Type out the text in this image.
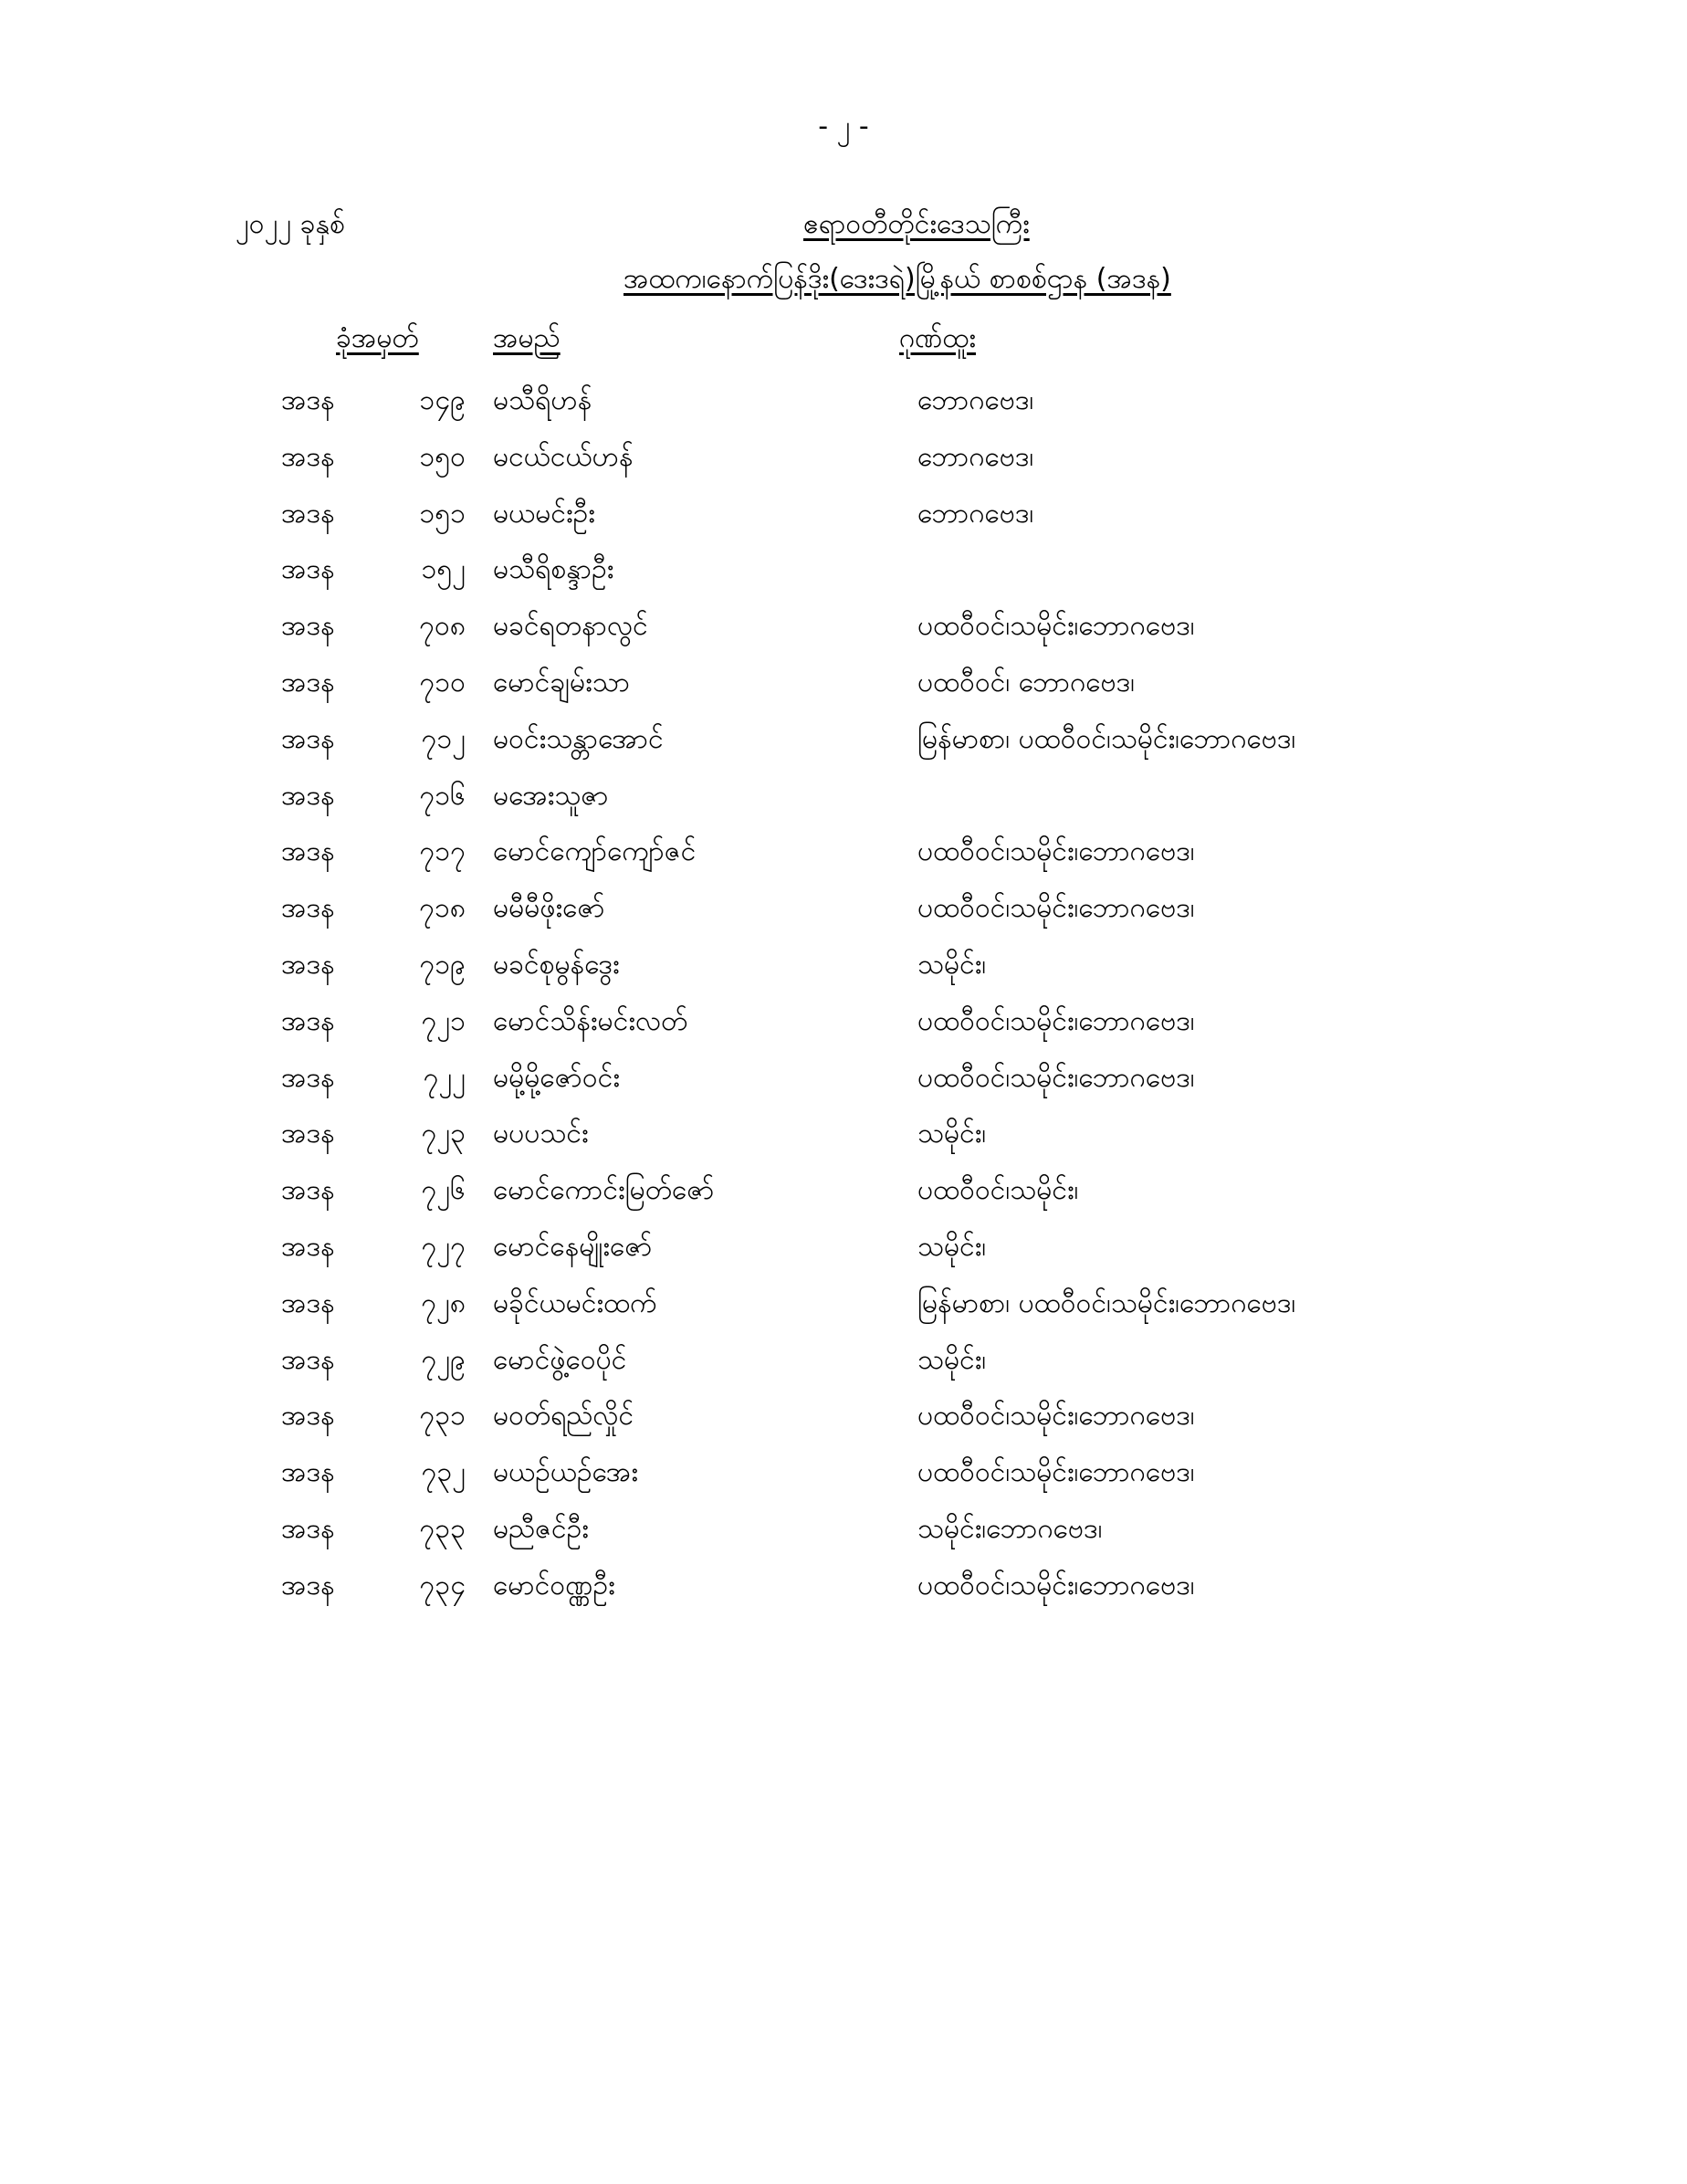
- ၂ -
၂၀၂၂ ခုနှစ်	ဧရာဝတီတိုင်းဒေသကြီး
အထက၊နောက်ပြန်ဒိုး(ဒေးဒရဲ)မြို့နယ် စာစစ်ဌာန (အဒန)
ခုံအမှတ်	အမည်	ဂုဏ်ထူး
အဒန	၁၄၉ မသီရိဟန်	ဘောဂဗေဒ၊
အဒန	၁၅၀ မငယ်ငယ်ဟန်	ဘောဂဗေဒ၊
အဒန	၁၅၁ မယမင်းဦး	ဘောဂဗေဒ၊
အဒန	၁၅၂ မသီရိစန္ဒာဦး
အဒန	၇၀၈ မခင်ရတနာလွင်	ပထဝီဝင်၊သမိုင်း၊ဘောဂဗေဒ၊
အဒန	၇၁၀ မောင်ချမ်းသာ	ပထဝီဝင်၊ ဘောဂဗေဒ၊
အဒန	၇၁၂ မဝင်းသန္တာအောင်	မြန်မာစာ၊ ပထဝီဝင်၊သမိုင်း၊ဘောဂဗေဒ၊
အဒန	၇၁၆ မအေးသူဇာ
အဒန	၇၁၇ မောင်ကျော်ကျော်ဇင်	ပထဝီဝင်၊သမိုင်း၊ဘောဂဗေဒ၊
အဒန	၇၁၈ မမီမီဖိုးဇော်	ပထဝီဝင်၊သမိုင်း၊ဘောဂဗေဒ၊
အဒန	၇၁၉ မခင်စုမွန်ဒွေး	သမိုင်း၊
အဒန	၇၂၁ မောင်သိန်းမင်းလတ်	ပထဝီဝင်၊သမိုင်း၊ဘောဂဗေဒ၊
အဒန	၇၂၂ မမို့မို့ဇော်ဝင်း	ပထဝီဝင်၊သမိုင်း၊ဘောဂဗေဒ၊
အဒန	၇၂၃ မပပသင်း	သမိုင်း၊
အဒန	၇၂၆ မောင်ကောင်းမြတ်ဇော်	ပထဝီဝင်၊သမိုင်း၊
အဒန	၇၂၇ မောင်နေမျိုးဇော်	သမိုင်း၊
အဒန	၇၂၈ မခိုင်ယမင်းထက်	မြန်မာစာ၊ ပထဝီဝင်၊သမိုင်း၊ဘောဂဗေဒ၊
အဒန	၇၂၉ မောင်ဖွဲ့ဝေပိုင်	သမိုင်း၊
အဒန	၇၃၁ မဝတ်ရည်လှိုင်	ပထဝီဝင်၊သမိုင်း၊ဘောဂဗေဒ၊
အဒန	၇၃၂ မယဉ်ယဉ်အေး	ပထဝီဝင်၊သမိုင်း၊ဘောဂဗေဒ၊
အဒန	၇၃၃ မညီဇင်ဦး	သမိုင်း၊ဘောဂဗေဒ၊
အဒန	၇၃၄ မောင်ဝဏ္ဏဦး	ပထဝီဝင်၊သမိုင်း၊ဘောဂဗေဒ၊
